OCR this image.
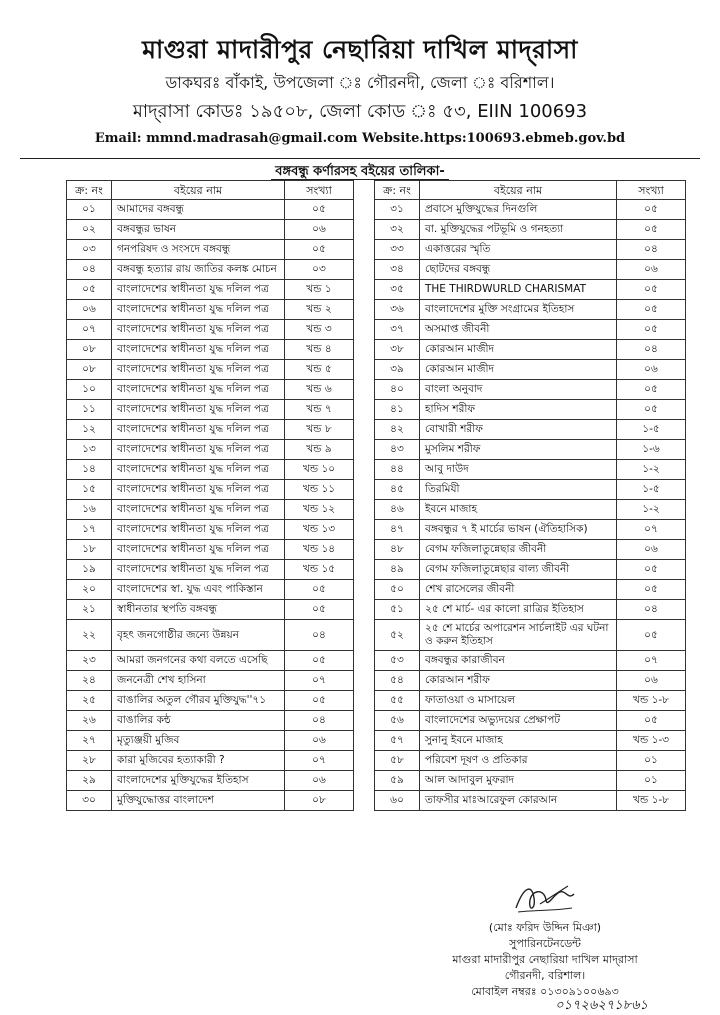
মাগুরা মাদারীপুর নেছারিয়া দাখিল মাদ্‌রাসা
ডাকঘরঃ বাঁকাই, উপজেলা ঃ গৌরনদী, জেলা ঃ বরিশাল।
মাদ্‌রাসা কোডঃ ১৯৫০৮, জেলা কোড ঃ ৫৩, EIIN 100693
Email: mmnd.madrasah@gmail.com Website.https:100693.ebmeb.gov.bd
বঙ্গবন্ধু কর্ণারসহ বইয়ের তালিকা-
ক্র: নং	বইয়ের নাম	সংখ্যা
০১	আমাদের বঙ্গবন্ধু	০৫
০২	বঙ্গবন্ধুর ভাষন	০৬
০৩	গনপরিষদ ও সংসদে বঙ্গবন্ধু	০৫
০৪	বঙ্গবন্ধু হত্যার রায় জাতির কলঙ্ক মোচন	০৩
০৫	বাংলাদেশের স্বাধীনতা যুদ্ধ দলিল পত্র	খন্ড ১
০৬	বাংলাদেশের স্বাধীনতা যুদ্ধ দলিল পত্র	খন্ড ২
০৭	বাংলাদেশের স্বাধীনতা যুদ্ধ দলিল পত্র	খন্ড ৩
০৮	বাংলাদেশের স্বাধীনতা যুদ্ধ দলিল পত্র	খন্ড ৪
০৮	বাংলাদেশের স্বাধীনতা যুদ্ধ দলিল পত্র	খন্ড ৫
১০	বাংলাদেশের স্বাধীনতা যুদ্ধ দলিল পত্র	খন্ড ৬
১১	বাংলাদেশের স্বাধীনতা যুদ্ধ দলিল পত্র	খন্ড ৭
১২	বাংলাদেশের স্বাধীনতা যুদ্ধ দলিল পত্র	খন্ড ৮
১৩	বাংলাদেশের স্বাধীনতা যুদ্ধ দলিল পত্র	খন্ড ৯
১৪	বাংলাদেশের স্বাধীনতা যুদ্ধ দলিল পত্র	খন্ড ১০
১৫	বাংলাদেশের স্বাধীনতা যুদ্ধ দলিল পত্র	খন্ড ১১
১৬	বাংলাদেশের স্বাধীনতা যুদ্ধ দলিল পত্র	খন্ড ১২
১৭	বাংলাদেশের স্বাধীনতা যুদ্ধ দলিল পত্র	খন্ড ১৩
১৮	বাংলাদেশের স্বাধীনতা যুদ্ধ দলিল পত্র	খন্ড ১৪
১৯	বাংলাদেশের স্বাধীনতা যুদ্ধ দলিল পত্র	খন্ড ১৫
২০	বাংলাদেশের স্বা. যুদ্ধ এবং পাকিস্তান	০৫
২১	স্বাধীনতার স্থপতি বঙ্গবন্ধু	০৫
২২	বৃহৎ জনগোষ্ঠীর জন্যে উন্নয়ন	০৪
২৩	আমরা জনগনের কথা বলতে এসেছি	০৫
২৪	জননেত্রী শেখ হাসিনা	০৭
২৫	বাঙালির অতুল গৌরব মুক্তিযুদ্ধ''৭১	০৫
২৬	বাঙালির কন্ঠ	০৪
২৭	মৃত্যুঞ্জয়ী মুজিব	০৬
২৮	কারা মুজিবের হত্যাকারী ?	০৭
২৯	বাংলাদেশের মুক্তিযুদ্ধের ইতিহাস	০৬
৩০	মুক্তিযুদ্ধোত্তর বাংলাদেশ	০৮
ক্র: নং	বইয়ের নাম	সংখ্যা
৩১	প্রবাসে মুক্তিযুদ্ধের দিনগুলি	০৫
৩২	বা. মুক্তিযুদ্ধের পটভূমি ও গনহত্যা	০৫
৩৩	একাত্তরের স্মৃতি	০৪
৩৪	ছোটদের বঙ্গবন্ধু	০৬
৩৫	THE THIRDWURLD CHARISMAT	০৫
৩৬	বাংলাদেশের মুক্তি সংগ্রামের ইতিহাস	০৫
৩৭	অসমাপ্ত জীবনী	০৫
৩৮	কোরআন মাজীদ	০৪
৩৯	কোরআন মাজীদ	০৬
৪০	বাংলা অনুবাদ	০৫
৪১	হাদিস শরীফ	০৫
৪২	বোখারী শরীফ	১-৫
৪৩	মুসলিম শরীফ	১-৬
৪৪	আবু দাউদ	১-২
৪৫	তিরমিযী	১-৫
৪৬	ইবনে মাজাহ	১-২
৪৭	বঙ্গবন্ধুর ৭ ই মার্চের ভাষন (ঐতিহাসিক)	০৭
৪৮	বেগম ফজিলাতুন্নেছার জীবনী	০৬
৪৯	বেগম ফজিলাতুন্নেছার বাল্য জীবনী	০৫
৫০	শেখ রাসেলের জীবনী	০৫
৫১	২৫ শে মার্চ- এর কালো রাত্রির ইতিহাস	০৪
৫২	২৫ শে মার্চের অপারেশন সার্চলাইট এর ঘটনা ও করুন ইতিহাস	০৫
৫৩	বঙ্গবন্ধুর কারাজীবন	০৭
৫৪	কোরআন শরীফ	০৬
৫৫	ফাতাওয়া ও মাসায়েল	খন্ড ১-৮
৫৬	বাংলাদেশের অভ্যুদয়ের প্রেক্ষাপট	০৫
৫৭	সুনানু ইবনে মাজাহ	খন্ড ১-৩
৫৮	পরিবেশ দূষণ ও প্রতিকার	০১
৫৯	আল আদাবুল মুফরাদ	০১
৬০	তাফসীর মাঃআরেফুল কোরআন	খন্ড ১-৮

(মোঃ ফরিদ উদ্দিন মিঞা)

সুপারিনটেনডেন্ট

মাগুরা মাদারীপুর নেছারিয়া দাখিল মাদ্‌রাসা

গৌরনদী, বরিশাল।

মোবাইল নম্বরঃ ০১৩০৯১০০৬৯৩

০১৭২৬২৭১৮৬১
